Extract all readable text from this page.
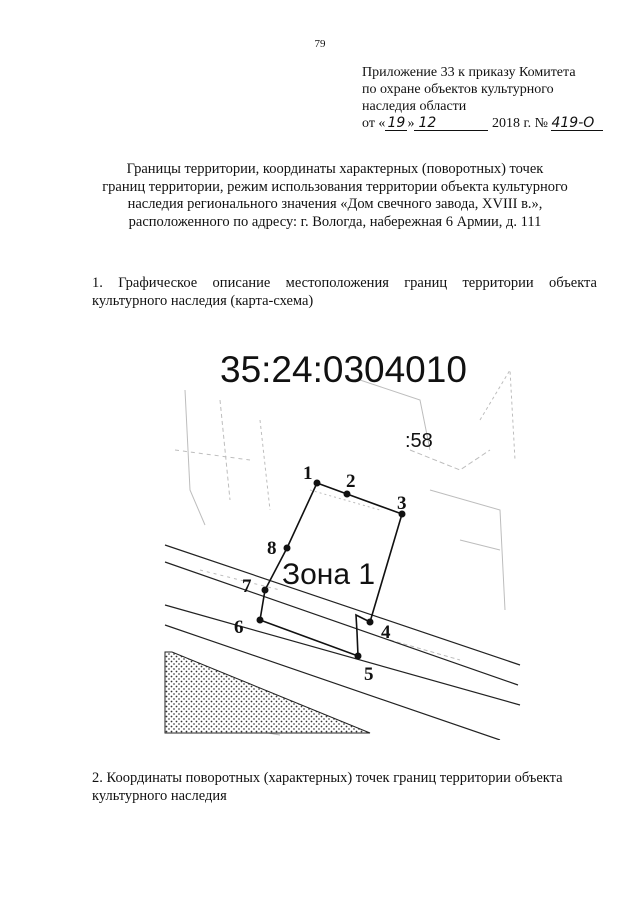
79
Приложение 33 к приказу Комитета
по охране объектов культурного
наследия области
от « 19 » 12	2018 г. № 419-О
Границы территории, координаты характерных (поворотных) точек
границ территории, режим использования территории объекта культурного
наследия регионального значения «Дом свечного завода, XVIII в.»,
расположенного по адресу: г. Вологда, набережная 6 Армии, д. 111
1. Графическое описание местоположения границ территории объекта
культурного наследия (карта-схема)
35:24:0304010
:58
Зона 1
1 2
3
4
5
6
7
8
2. Координаты поворотных (характерных) точек границ территории объекта
культурного наследия
